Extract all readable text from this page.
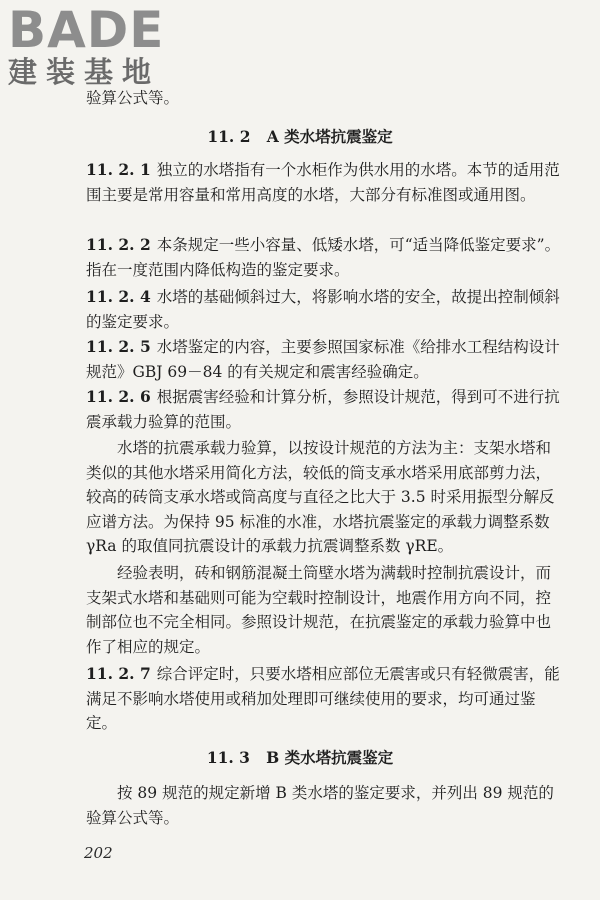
BADE
建装基地

验算公式等。

11. 2 A 类水塔抗震鉴定

11. 2. 1 独立的水塔指有一个水柜作为供水用的水塔。本节的适用范围主要是常用容量和常用高度的水塔，大部分有标准图或通用图。

11. 2. 2 本条规定一些小容量、低矮水塔，可“适当降低鉴定要求”。指在一度范围内降低构造的鉴定要求。

11. 2. 4 水塔的基础倾斜过大，将影响水塔的安全，故提出控制倾斜的鉴定要求。

11. 2. 5 水塔鉴定的内容，主要参照国家标准《给排水工程结构设计规范》GBJ 69－84 的有关规定和震害经验确定。

11. 2. 6 根据震害经验和计算分析，参照设计规范，得到可不进行抗震承载力验算的范围。

水塔的抗震承载力验算，以按设计规范的方法为主：支架水塔和类似的其他水塔采用简化方法，较低的筒支承水塔采用底部剪力法，较高的砖筒支承水塔或筒高度与直径之比大于 3.5 时采用振型分解反应谱方法。为保持 95 标准的水准，水塔抗震鉴定的承载力调整系数 γRa 的取值同抗震设计的承载力抗震调整系数 γRE。

经验表明，砖和钢筋混凝土筒壁水塔为满载时控制抗震设计，而支架式水塔和基础则可能为空载时控制设计，地震作用方向不同，控制部位也不完全相同。参照设计规范，在抗震鉴定的承载力验算中也作了相应的规定。

11. 2. 7 综合评定时，只要水塔相应部位无震害或只有轻微震害，能满足不影响水塔使用或稍加处理即可继续使用的要求，均可通过鉴定。

11. 3 B 类水塔抗震鉴定

按 89 规范的规定新增 B 类水塔的鉴定要求，并列出 89 规范的验算公式等。

202
